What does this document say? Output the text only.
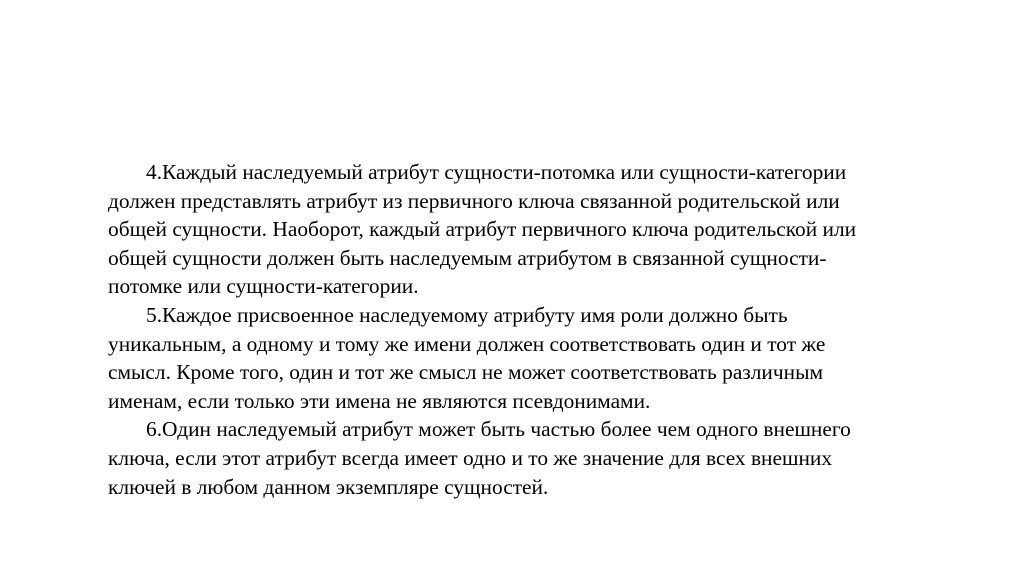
4.Каждый наследуемый атрибут сущности-потомка или сущности-категории
должен представлять атрибут из первичного ключа связанной родительской или
общей сущности. Наоборот, каждый атрибут первичного ключа родительской или
общей сущности должен быть наследуемым атрибутом в связанной сущности-
потомке или сущности-категории.

5.Каждое присвоенное наследуемому атрибуту имя роли должно быть
уникальным, а одному и тому же имени должен соответствовать один и тот же
смысл. Кроме того, один и тот же смысл не может соответствовать различным
именам, если только эти имена не являются псевдонимами.

6.Один наследуемый атрибут может быть частью более чем одного внешнего
ключа, если этот атрибут всегда имеет одно и то же значение для всех внешних
ключей в любом данном экземпляре сущностей.
